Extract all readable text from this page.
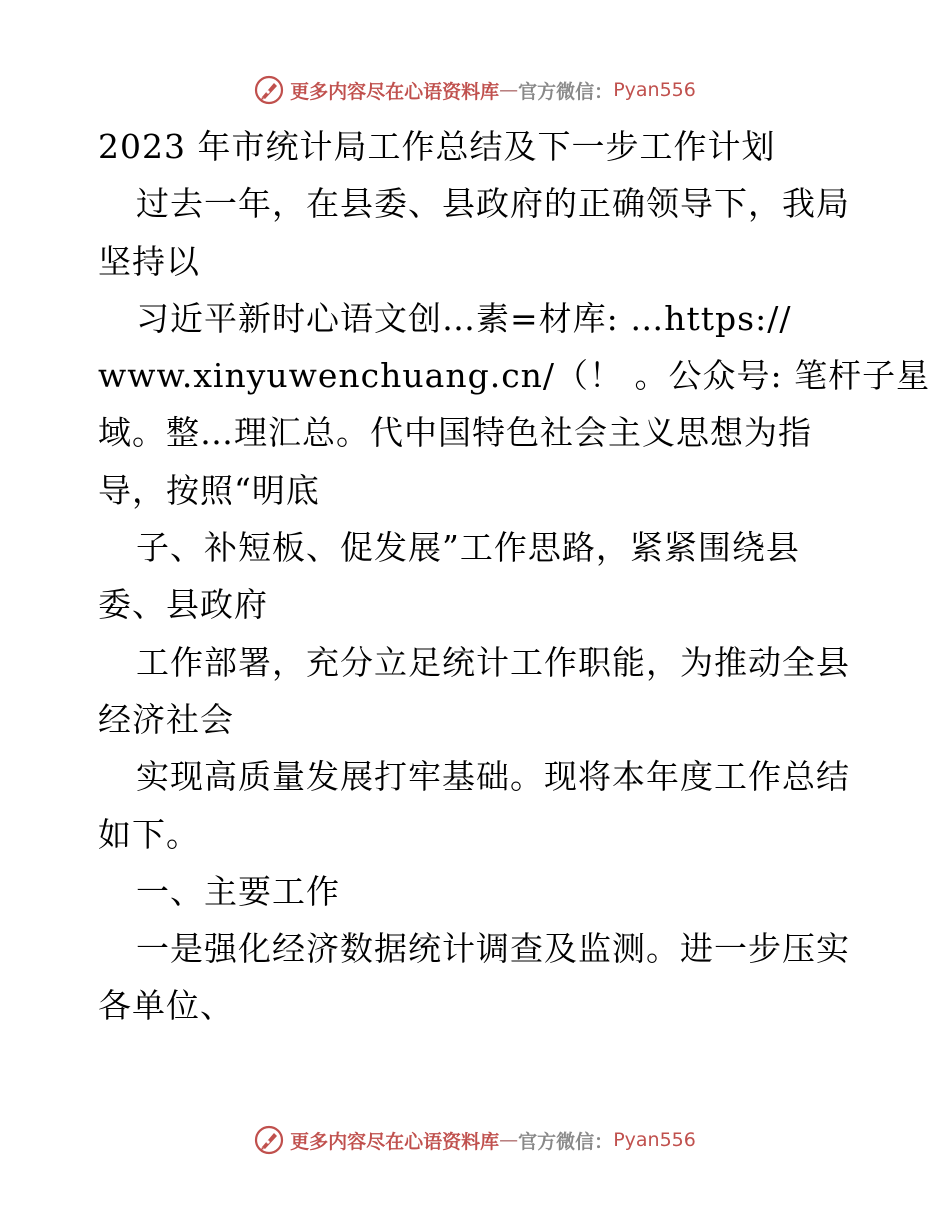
更多内容尽在心语资料库 — 官方微信： Pyan556
2023 年市统计局工作总结及下一步工作计划
过去一年，在县委、县政府的正确领导下，我局
坚持以
习近平新时心语文创…素=材库: …https://
www.xinyuwenchuang.cn/（！ 。公众号: 笔杆子星
域。整…理汇总。代中国特色社会主义思想为指
导，按照“明底
子、补短板、促发展”工作思路，紧紧围绕县
委、县政府
工作部署，充分立足统计工作职能，为推动全县
经济社会
实现高质量发展打牢基础。现将本年度工作总结
如下。
一、主要工作
一是强化经济数据统计调查及监测。进一步压实
各单位、
更多内容尽在心语资料库 — 官方微信： Pyan556
